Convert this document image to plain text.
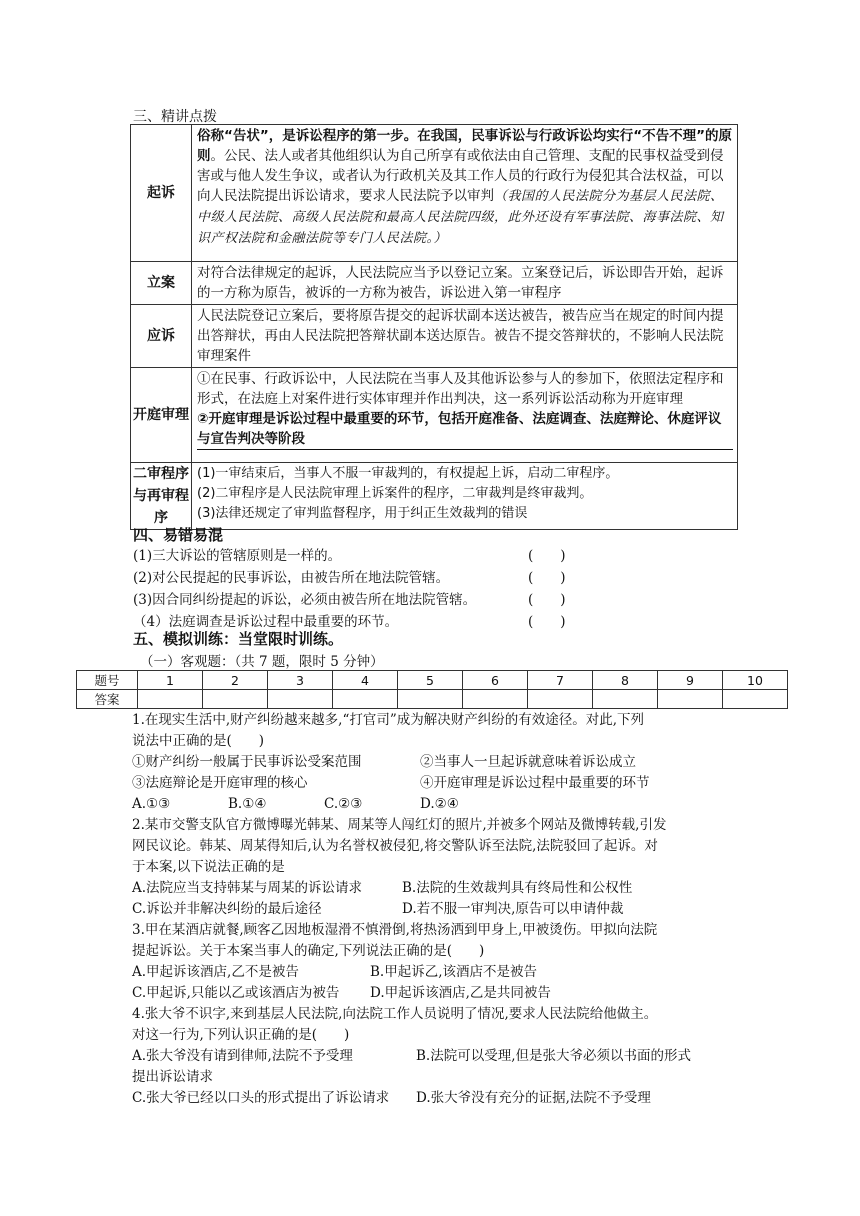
三、精讲点拨
起诉	俗称“告状”，是诉讼程序的第一步。在我国，民事诉讼与行政诉讼均实行“不告不理”的原则。公民、法人或者其他组织认为自己所享有或依法由自己管理、支配的民事权益受到侵害或与他人发生争议，或者认为行政机关及其工作人员的行政行为侵犯其合法权益，可以向人民法院提出诉讼请求，要求人民法院予以审判（我国的人民法院分为基层人民法院、中级人民法院、高级人民法院和最高人民法院四级，此外还设有军事法院、海事法院、知识产权法院和金融法院等专门人民法院。）
立案	对符合法律规定的起诉，人民法院应当予以登记立案。立案登记后，诉讼即告开始，起诉的一方称为原告，被诉的一方称为被告，诉讼进入第一审程序
应诉	人民法院登记立案后，要将原告提交的起诉状副本送达被告，被告应当在规定的时间内提出答辩状，再由人民法院把答辩状副本送达原告。被告不提交答辩状的，不影响人民法院审理案件
开庭审理	①在民事、行政诉讼中，人民法院在当事人及其他诉讼参与人的参加下，依照法定程序和形式，在法庭上对案件进行实体审理并作出判决，这一系列诉讼活动称为开庭审理
②开庭审理是诉讼过程中最重要的环节，包括开庭准备、法庭调查、法庭辩论、休庭评议与宣告判决等阶段

二审程序与再审程序	(1)一审结束后，当事人不服一审裁判的，有权提起上诉，启动二审程序。
(2)二审程序是人民法院审理上诉案件的程序，二审裁判是终审裁判。
(3)法律还规定了审判监督程序，用于纠正生效裁判的错误
四、易错易混
(1)三大诉讼的管辖原则是一样的。	(　　)
(2)对公民提起的民事诉讼，由被告所在地法院管辖。	(　　)
(3)因合同纠纷提起的诉讼，必须由被告所在地法院管辖。	(　　)
（4）法庭调查是诉讼过程中最重要的环节。	(　　)
五、模拟训练：当堂限时训练。
（一）客观题：（共 7 题，限时 5 分钟）
题号	1	2	3	4	5	6	7	8	9	10
答案										
1.在现实生活中,财产纠纷越来越多,“打官司”成为解决财产纠纷的有效途径。对此,下列
说法中正确的是(　　)
①财产纠纷一般属于民事诉讼受案范围	②当事人一旦起诉就意味着诉讼成立
③法庭辩论是开庭审理的核心	④开庭审理是诉讼过程中最重要的环节
A.①③	B.①④	C.②③	D.②④
2.某市交警支队官方微博曝光韩某、周某等人闯红灯的照片,并被多个网站及微博转载,引发
网民议论。韩某、周某得知后,认为名誉权被侵犯,将交警队诉至法院,法院驳回了起诉。对
于本案,以下说法正确的是
A.法院应当支持韩某与周某的诉讼请求	B.法院的生效裁判具有终局性和公权性
C.诉讼并非解决纠纷的最后途径	D.若不服一审判决,原告可以申请仲裁
3.甲在某酒店就餐,顾客乙因地板湿滑不慎滑倒,将热汤洒到甲身上,甲被烫伤。甲拟向法院
提起诉讼。关于本案当事人的确定,下列说法正确的是(　　)
A.甲起诉该酒店,乙不是被告	B.甲起诉乙,该酒店不是被告
C.甲起诉,只能以乙或该酒店为被告	D.甲起诉该酒店,乙是共同被告
4.张大爷不识字,来到基层人民法院,向法院工作人员说明了情况,要求人民法院给他做主。
对这一行为,下列认识正确的是(　　)
A.张大爷没有请到律师,法院不予受理	B.法院可以受理,但是张大爷必须以书面的形式
提出诉讼请求
C.张大爷已经以口头的形式提出了诉讼请求	D.张大爷没有充分的证据,法院不予受理
